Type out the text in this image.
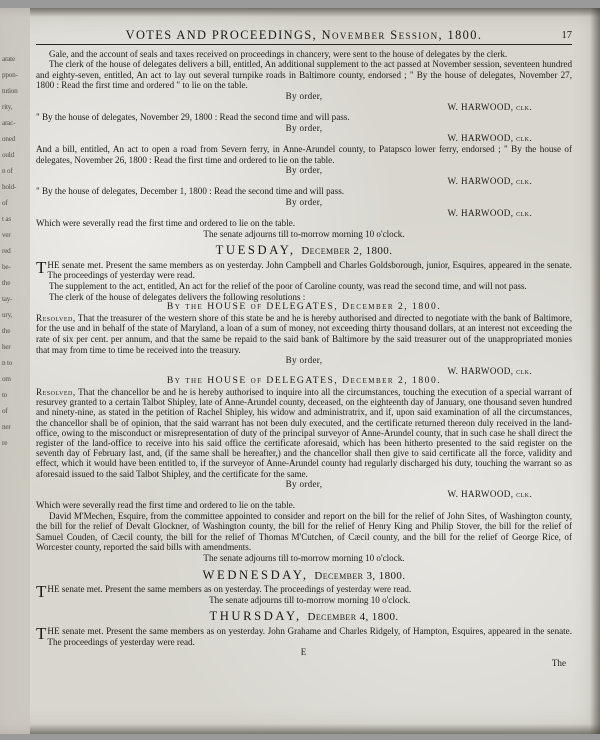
arate
ppon-
tution
rity,
arac-
oned
ould
n of
hold-
of
t as
ver
red
be-
the
tay-
ury,
the
her
n to
om
to
of
ner
re
VOTES AND PROCEEDINGS, November Session, 1800.	17

Gale, and the account of seals and taxes received on proceedings in chancery, were sent to the house of delegates by the clerk.

The clerk of the house of delegates delivers a bill, entitled, An additional supplement to the act passed at November session, seventeen hundred and eighty-seven, entitled, An act to lay out several turnpike roads in Baltimore county, endorsed ; " By the house of delegates, November 27, 1800 : Read the first time and ordered " to lie on the table.

By order,

W. HARWOOD, clk.

" By the house of delegates, November 29, 1800 : Read the second time and will pass.

By order,

W. HARWOOD, clk.

And a bill, entitled, An act to open a road from Severn ferry, in Anne-Arundel county, to Patapsco lower ferry, endorsed ; " By the house of delegates, November 26, 1800 : Read the first time and ordered to lie on the table.

By order,

W. HARWOOD, clk.

" By the house of delegates, December 1, 1800 : Read the second time and will pass.

By order,

W. HARWOOD, clk.

Which were severally read the first time and ordered to lie on the table.

The senate adjourns till to-morrow morning 10 o'clock.

TUESDAY, December 2, 1800.

THE senate met. Present the same members as on yesterday. John Campbell and Charles Goldsborough, junior, Esquires, appeared in the senate. The proceedings of yesterday were read.

The supplement to the act, entitled, An act for the relief of the poor of Caroline county, was read the second time, and will not pass.

The clerk of the house of delegates delivers the following resolutions :

By the HOUSE of DELEGATES, December 2, 1800.

Resolved, That the treasurer of the western shore of this state be and he is hereby authorised and directed to negotiate with the bank of Baltimore, for the use and in behalf of the state of Maryland, a loan of a sum of money, not exceeding thirty thousand dollars, at an interest not exceeding the rate of six per cent. per annum, and that the same be repaid to the said bank of Baltimore by the said treasurer out of the unappropriated monies that may from time to time be received into the treasury.

By order,

W. HARWOOD, clk.

By the HOUSE of DELEGATES, December 2, 1800.

Resolved, That the chancellor be and he is hereby authorised to inquire into all the circumstances, touching the execution of a special warrant of resurvey granted to a certain Talbot Shipley, late of Anne-Arundel county, deceased, on the eighteenth day of January, one thousand seven hundred and ninety-nine, as stated in the petition of Rachel Shipley, his widow and administratrix, and if, upon said examination of all the circumstances, the chancellor shall be of opinion, that the said warrant has not been duly executed, and the certificate returned thereon duly received in the land-office, owing to the misconduct or misrepresentation of duty of the principal surveyor of Anne-Arundel county, that in such case he shall direct the register of the land-office to receive into his said office the certificate aforesaid, which has been hitherto presented to the said register on the seventh day of February last, and, (if the same shall be hereafter,) and the chancellor shall then give to said certificate all the force, validity and effect, which it would have been entitled to, if the surveyor of Anne-Arundel county had regularly discharged his duty, touching the warrant so as aforesaid issued to the said Talbot Shipley, and the certificate for the same.

By order,

W. HARWOOD, clk.

Which were severally read the first time and ordered to lie on the table.

David M'Mechen, Esquire, from the committee appointed to consider and report on the bill for the relief of John Sites, of Washington county, the bill for the relief of Devalt Glockner, of Washington county, the bill for the relief of Henry King and Philip Stover, the bill for the relief of Samuel Couden, of Cæcil county, the bill for the relief of Thomas M'Cutchen, of Cæcil county, and the bill for the relief of George Rice, of Worcester county, reported the said bills with amendments.

The senate adjourns till to-morrow morning 10 o'clock.

WEDNESDAY, December 3, 1800.

THE senate met. Present the same members as on yesterday. The proceedings of yesterday were read.

The senate adjourns till to-morrow morning 10 o'clock.

THURSDAY, December 4, 1800.

THE senate met. Present the same members as on yesterday. John Grahame and Charles Ridgely, of Hampton, Esquires, appeared in the senate. The proceedings of yesterday were read.

E

The
